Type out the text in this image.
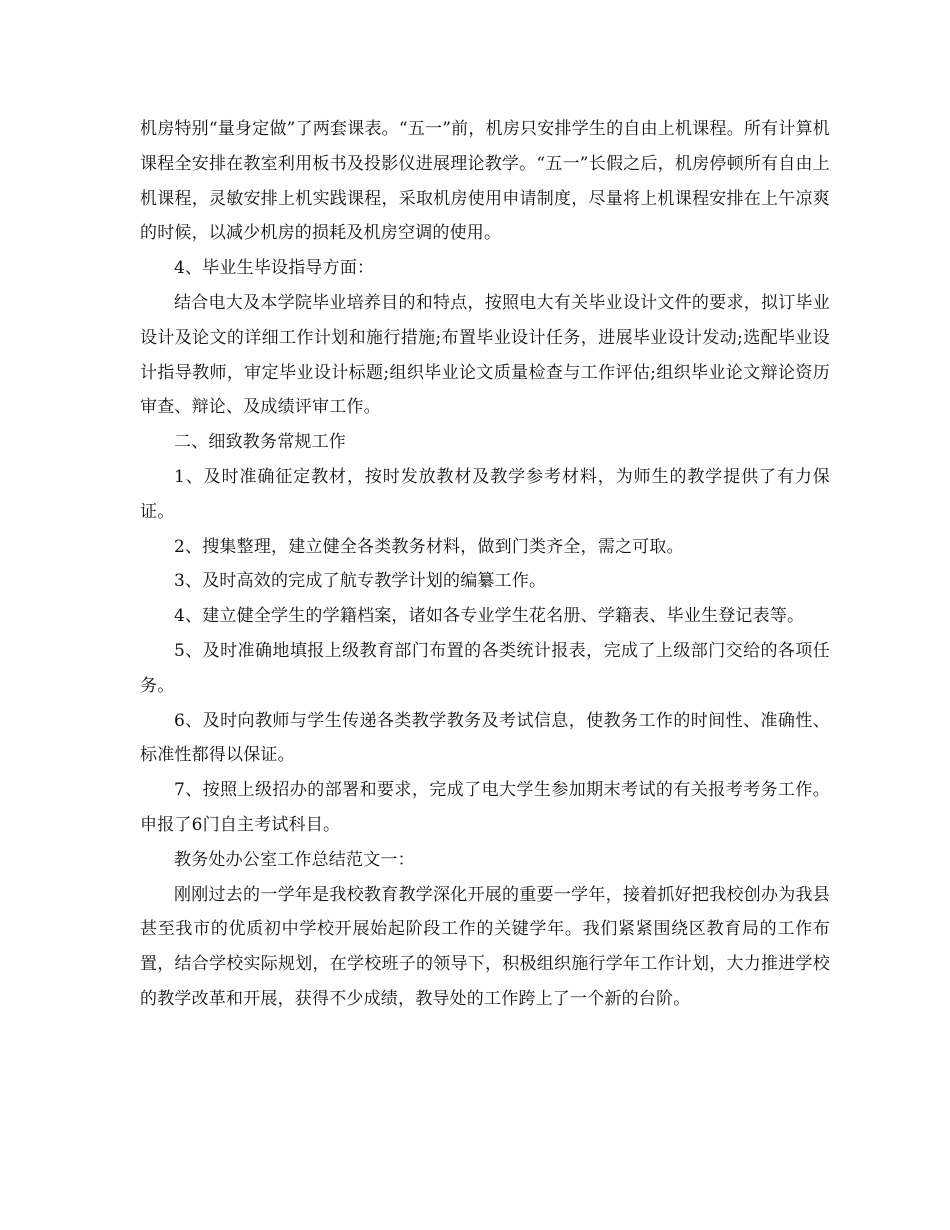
机房特别“量身定做”了两套课表。“五一”前，机房只安排学生的自由上机课程。所有计算机课程全安排在教室利用板书及投影仪进展理论教学。“五一”长假之后，机房停顿所有自由上机课程，灵敏安排上机实践课程，采取机房使用申请制度，尽量将上机课程安排在上午凉爽的时候，以减少机房的损耗及机房空调的使用。

4、毕业生毕设指导方面：

结合电大及本学院毕业培养目的和特点，按照电大有关毕业设计文件的要求，拟订毕业设计及论文的详细工作计划和施行措施;布置毕业设计任务，进展毕业设计发动;选配毕业设计指导教师，审定毕业设计标题;组织毕业论文质量检查与工作评估;组织毕业论文辩论资历审查、辩论、及成绩评审工作。

二、细致教务常规工作

1、及时准确征定教材，按时发放教材及教学参考材料，为师生的教学提供了有力保证。

2、搜集整理，建立健全各类教务材料，做到门类齐全，需之可取。

3、及时高效的完成了航专教学计划的编纂工作。

4、建立健全学生的学籍档案，诸如各专业学生花名册、学籍表、毕业生登记表等。

5、及时准确地填报上级教育部门布置的各类统计报表，完成了上级部门交给的各项任务。

6、及时向教师与学生传递各类教学教务及考试信息，使教务工作的时间性、准确性、标准性都得以保证。

7、按照上级招办的部署和要求，完成了电大学生参加期末考试的有关报考考务工作。申报了6门自主考试科目。

教务处办公室工作总结范文一：

刚刚过去的一学年是我校教育教学深化开展的重要一学年，接着抓好把我校创办为我县甚至我市的优质初中学校开展始起阶段工作的关键学年。我们紧紧围绕区教育局的工作布置，结合学校实际规划，在学校班子的领导下，积极组织施行学年工作计划，大力推进学校的教学改革和开展，获得不少成绩，教导处的工作跨上了一个新的台阶。
